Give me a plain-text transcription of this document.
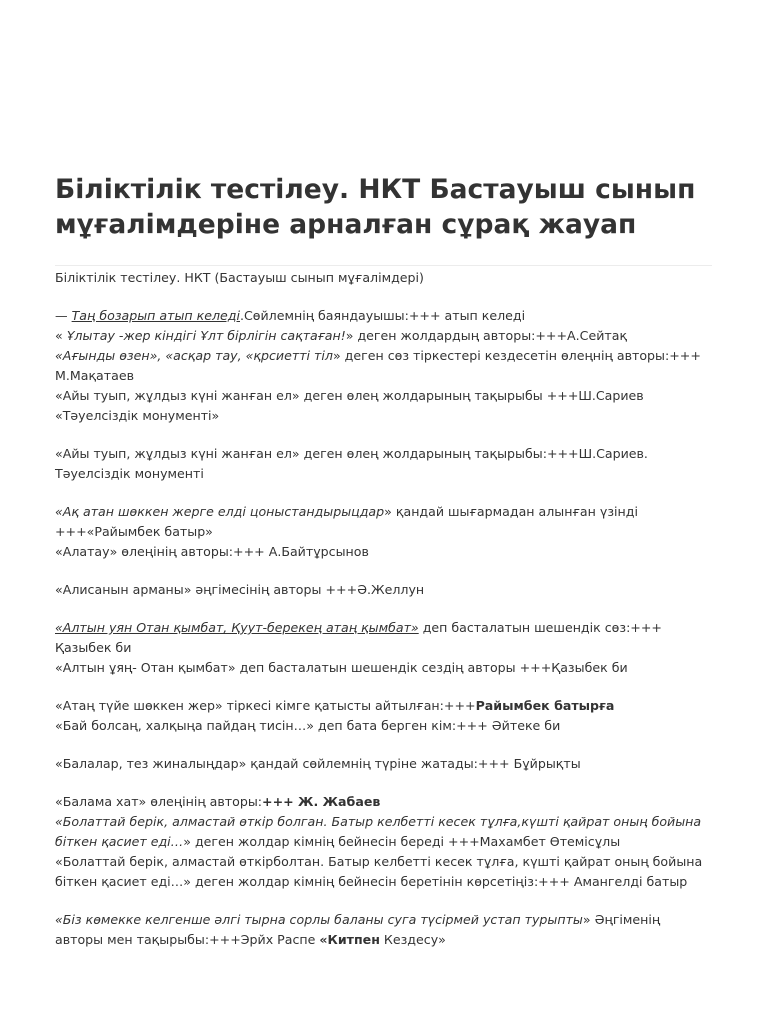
Біліктілік тестілеу. НКТ Бастауыш сынып мұғалімдеріне арналған сұрақ жауап

Біліктілік тестілеу. НКТ (Бастауыш сынып мұғалімдері)

— Таң бозарып атып келеді.Сөйлемнің баяндауышы:+++ атып келеді
« Ұлытау -жер кіндігі Ұлт бірлігін сақтаған!» деген жолдардың авторы:+++А.Сейтақ
«Ағынды өзен», «асқар тау, «қрсиетті тіл» деген сөз тіркестері кездесетін өлеңнің авторы:+++ М.Мақатаев
«Айы туып, жұлдыз күні жанған ел» деген өлең жолдарының тақырыбы +++Ш.Сариев «Тәуелсіздік монументі»

«Айы туып, жұлдыз күні жанған ел» деген өлең жолдарының тақырыбы:+++Ш.Сариев. Тәуелсіздік монументі

«Ақ атан шөккен жерге елді цоныстандырыцдар» қандай шығармадан алынған үзінді +++«Райымбек батыр»
«Алатау» өлеңінің авторы:+++ А.Байтұрсынов

«Алисанын арманы» әңгімесінің авторы +++Ә.Желлун

«Алтын уян Отан қымбат, Қуут-берекең атаң қымбат» деп басталатын шешендік сөз:+++ Қазыбек би
«Алтын ұяң- Отан қымбат» деп басталатын шешендік сездің авторы +++Қазыбек би

«Атаң түйе шөккен жер» тіркесі кімге қатысты айтылған:+++Райымбек батырға
«Бай болсаң, халқыңа пайдаң тисін…» деп бата берген кім:+++ Әйтеке би

«Балалар, тез жиналыңдар» қандай сөйлемнің түріне жатады:+++ Бұйрықты

«Балама хат» өлеңінің авторы:+++ Ж. Жабаев
«Болаттай берік, алмастай өткір болган. Батыр келбетті кесек тұлға,күшті қайрат оның бойына біткен қасиет еді…» деген жолдар кімнің бейнесін береді +++Махамбет Өтемісұлы
«Болаттай берік, алмастай өткірболтан. Батыр келбетті кесек тұлға, күшті қайрат оның бойына біткен қасиет еді…» деген жолдар кімнің бейнесін беретінін көрсетіңіз:+++ Амангелді батыр

«Біз көмекке келгенше әлгі тырна сорлы баланы суга түсірмей устап турыпты» Әңгіменің авторы мен тақырыбы:+++Эрйх Распе «Китпен Кездесу»
